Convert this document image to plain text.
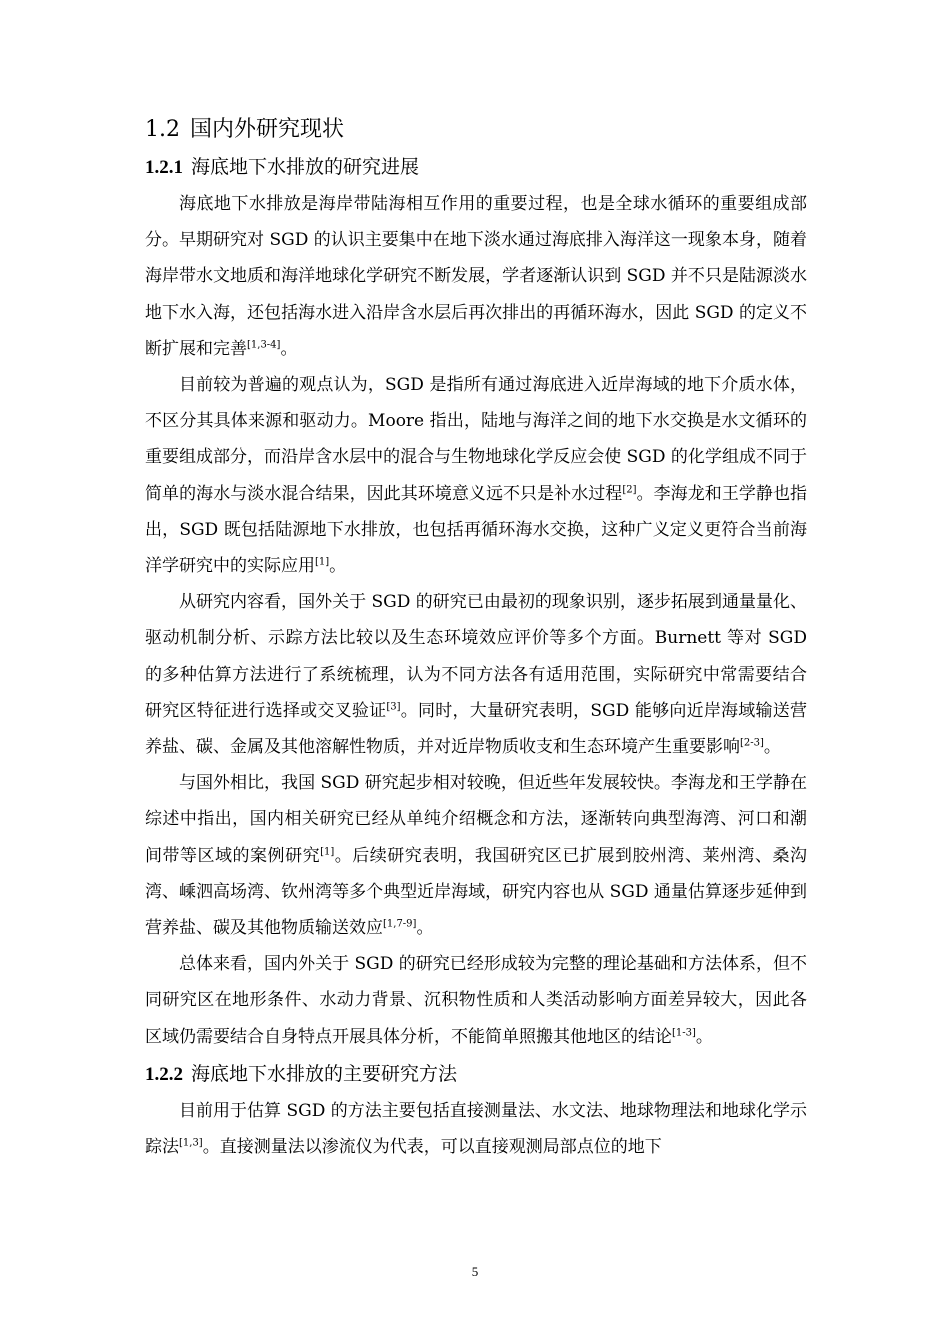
1.2 国内外研究现状
1.2.1 海底地下水排放的研究进展

海底地下水排放是海岸带陆海相互作用的重要过程，也是全球水循环的重要组成部分。早期研究对 SGD 的认识主要集中在地下淡水通过海底排入海洋这一现象本身，随着海岸带水文地质和海洋地球化学研究不断发展，学者逐渐认识到 SGD 并不只是陆源淡水地下水入海，还包括海水进入沿岸含水层后再次排出的再循环海水，因此 SGD 的定义不断扩展和完善[1,3-4]。

目前较为普遍的观点认为，SGD 是指所有通过海底进入近岸海域的地下介质水体，不区分其具体来源和驱动力。Moore 指出，陆地与海洋之间的地下水交换是水文循环的重要组成部分，而沿岸含水层中的混合与生物地球化学反应会使 SGD 的化学组成不同于简单的海水与淡水混合结果，因此其环境意义远不只是补水过程[2]。李海龙和王学静也指出，SGD 既包括陆源地下水排放，也包括再循环海水交换，这种广义定义更符合当前海洋学研究中的实际应用[1]。

从研究内容看，国外关于 SGD 的研究已由最初的现象识别，逐步拓展到通量量化、驱动机制分析、示踪方法比较以及生态环境效应评价等多个方面。Burnett 等对 SGD 的多种估算方法进行了系统梳理，认为不同方法各有适用范围，实际研究中常需要结合研究区特征进行选择或交叉验证[3]。同时，大量研究表明，SGD 能够向近岸海域输送营养盐、碳、金属及其他溶解性物质，并对近岸物质收支和生态环境产生重要影响[2-3]。

与国外相比，我国 SGD 研究起步相对较晚，但近些年发展较快。李海龙和王学静在综述中指出，国内相关研究已经从单纯介绍概念和方法，逐渐转向典型海湾、河口和潮间带等区域的案例研究[1]。后续研究表明，我国研究区已扩展到胶州湾、莱州湾、桑沟湾、嵊泗高场湾、钦州湾等多个典型近岸海域，研究内容也从 SGD 通量估算逐步延伸到营养盐、碳及其他物质输送效应[1,7-9]。

总体来看，国内外关于 SGD 的研究已经形成较为完整的理论基础和方法体系，但不同研究区在地形条件、水动力背景、沉积物性质和人类活动影响方面差异较大，因此各区域仍需要结合自身特点开展具体分析，不能简单照搬其他地区的结论[1-3]。

1.2.2 海底地下水排放的主要研究方法

目前用于估算 SGD 的方法主要包括直接测量法、水文法、地球物理法和地球化学示踪法[1,3]。直接测量法以渗流仪为代表，可以直接观测局部点位的地下

5
